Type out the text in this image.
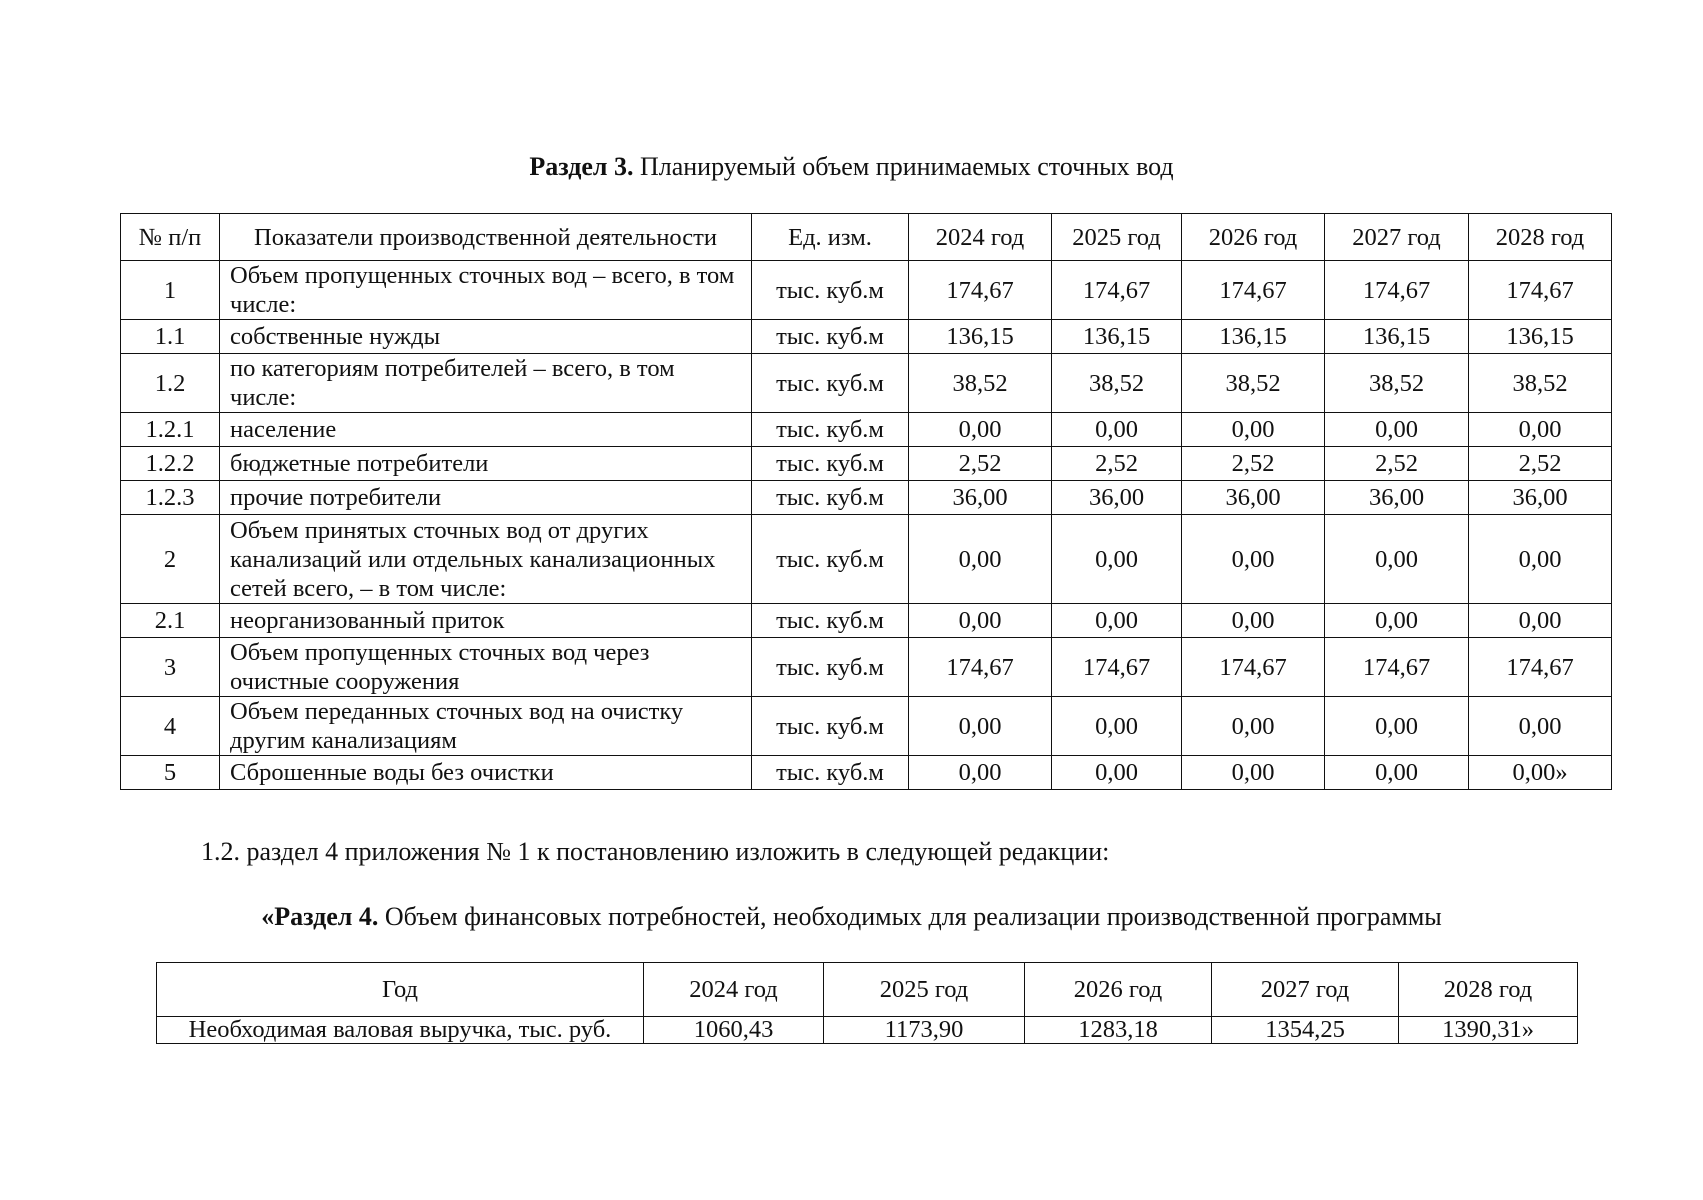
Раздел 3. Планируемый объем принимаемых сточных вод
№ п/п	Показатели производственной деятельности	Ед. изм.	2024 год	2025 год	2026 год	2027 год	2028 год
1	Объем пропущенных сточных вод – всего, в том числе:	тыс. куб.м	174,67	174,67	174,67	174,67	174,67
1.1	собственные нужды	тыс. куб.м	136,15	136,15	136,15	136,15	136,15
1.2	по категориям потребителей – всего, в том числе:	тыс. куб.м	38,52	38,52	38,52	38,52	38,52
1.2.1	население	тыс. куб.м	0,00	0,00	0,00	0,00	0,00
1.2.2	бюджетные потребители	тыс. куб.м	2,52	2,52	2,52	2,52	2,52
1.2.3	прочие потребители	тыс. куб.м	36,00	36,00	36,00	36,00	36,00
2	Объем принятых сточных вод от других канализаций или отдельных канализационных сетей всего, – в том числе:	тыс. куб.м	0,00	0,00	0,00	0,00	0,00
2.1	неорганизованный приток	тыс. куб.м	0,00	0,00	0,00	0,00	0,00
3	Объем пропущенных сточных вод через очистные сооружения	тыс. куб.м	174,67	174,67	174,67	174,67	174,67
4	Объем переданных сточных вод на очистку другим канализациям	тыс. куб.м	0,00	0,00	0,00	0,00	0,00
5	Сброшенные воды без очистки	тыс. куб.м	0,00	0,00	0,00	0,00	0,00»
1.2. раздел 4 приложения № 1 к постановлению изложить в следующей редакции:
«Раздел 4. Объем финансовых потребностей, необходимых для реализации производственной программы
Год	2024 год	2025 год	2026 год	2027 год	2028 год
Необходимая валовая выручка, тыс. руб.	1060,43	1173,90	1283,18	1354,25	1390,31»
